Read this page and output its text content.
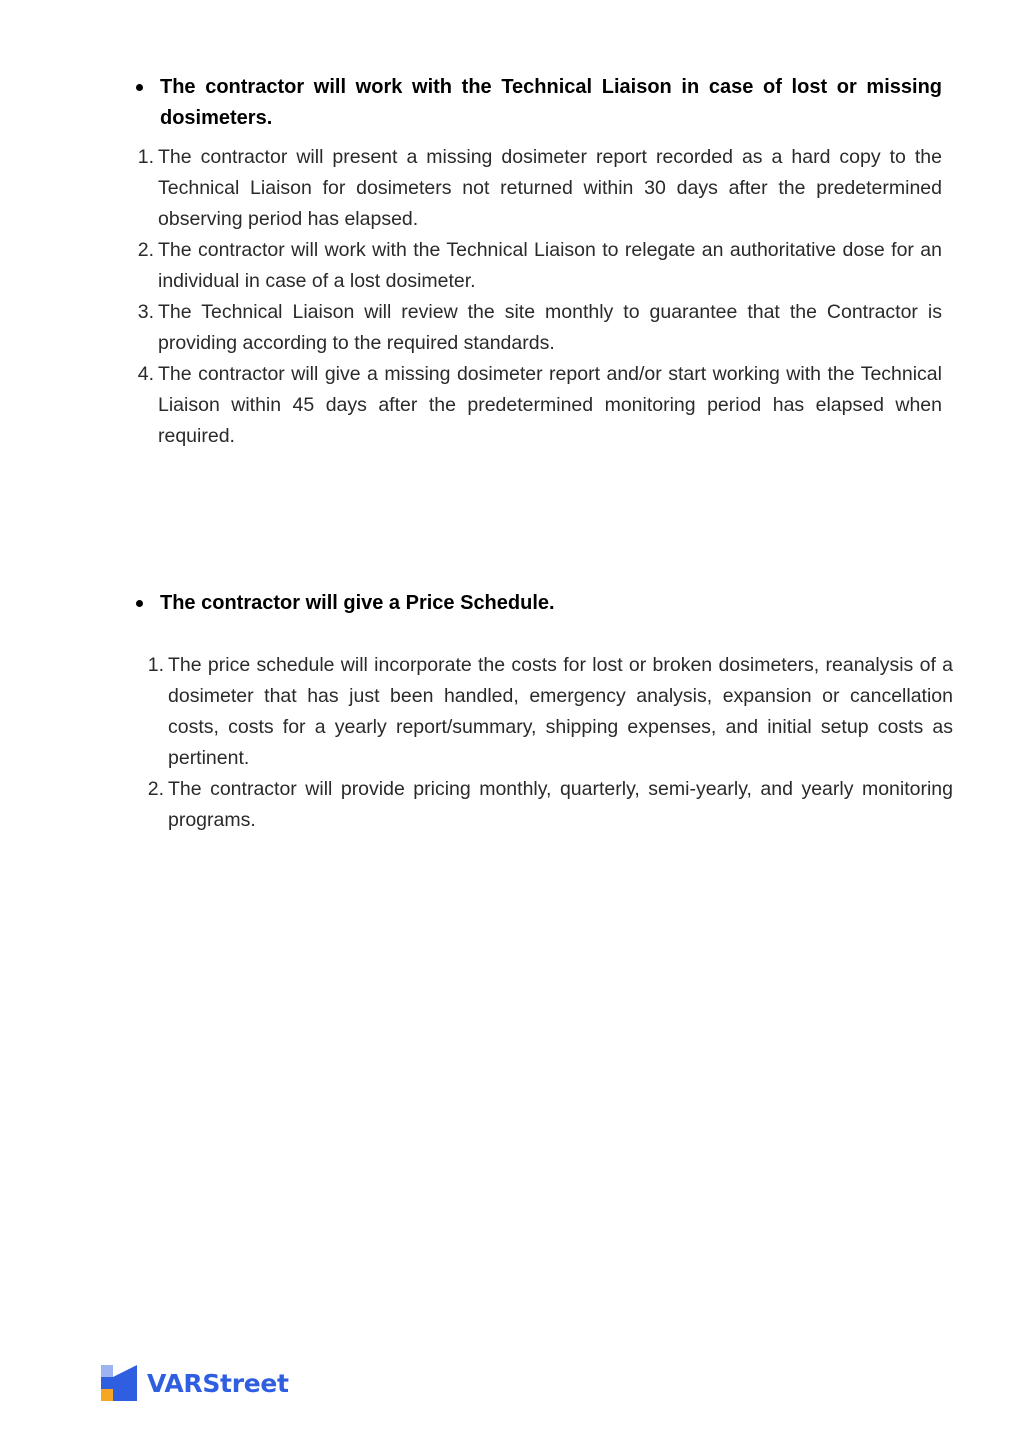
The contractor will work with the Technical Liaison in case of lost or missing dosimeters.
1. The contractor will present a missing dosimeter report recorded as a hard copy to the Technical Liaison for dosimeters not returned within 30 days after the predetermined observing period has elapsed.
2. The contractor will work with the Technical Liaison to relegate an authoritative dose for an individual in case of a lost dosimeter.
3. The Technical Liaison will review the site monthly to guarantee that the Contractor is providing according to the required standards.
4. The contractor will give a missing dosimeter report and/or start working with the Technical Liaison within 45 days after the predetermined monitoring period has elapsed when required.
The contractor will give a Price Schedule.
1. The price schedule will incorporate the costs for lost or broken dosimeters, reanalysis of a dosimeter that has just been handled, emergency analysis, expansion or cancellation costs, costs for a yearly report/summary, shipping expenses, and initial setup costs as pertinent.
2. The contractor will provide pricing monthly, quarterly, semi-yearly, and yearly monitoring programs.
VARStreet
